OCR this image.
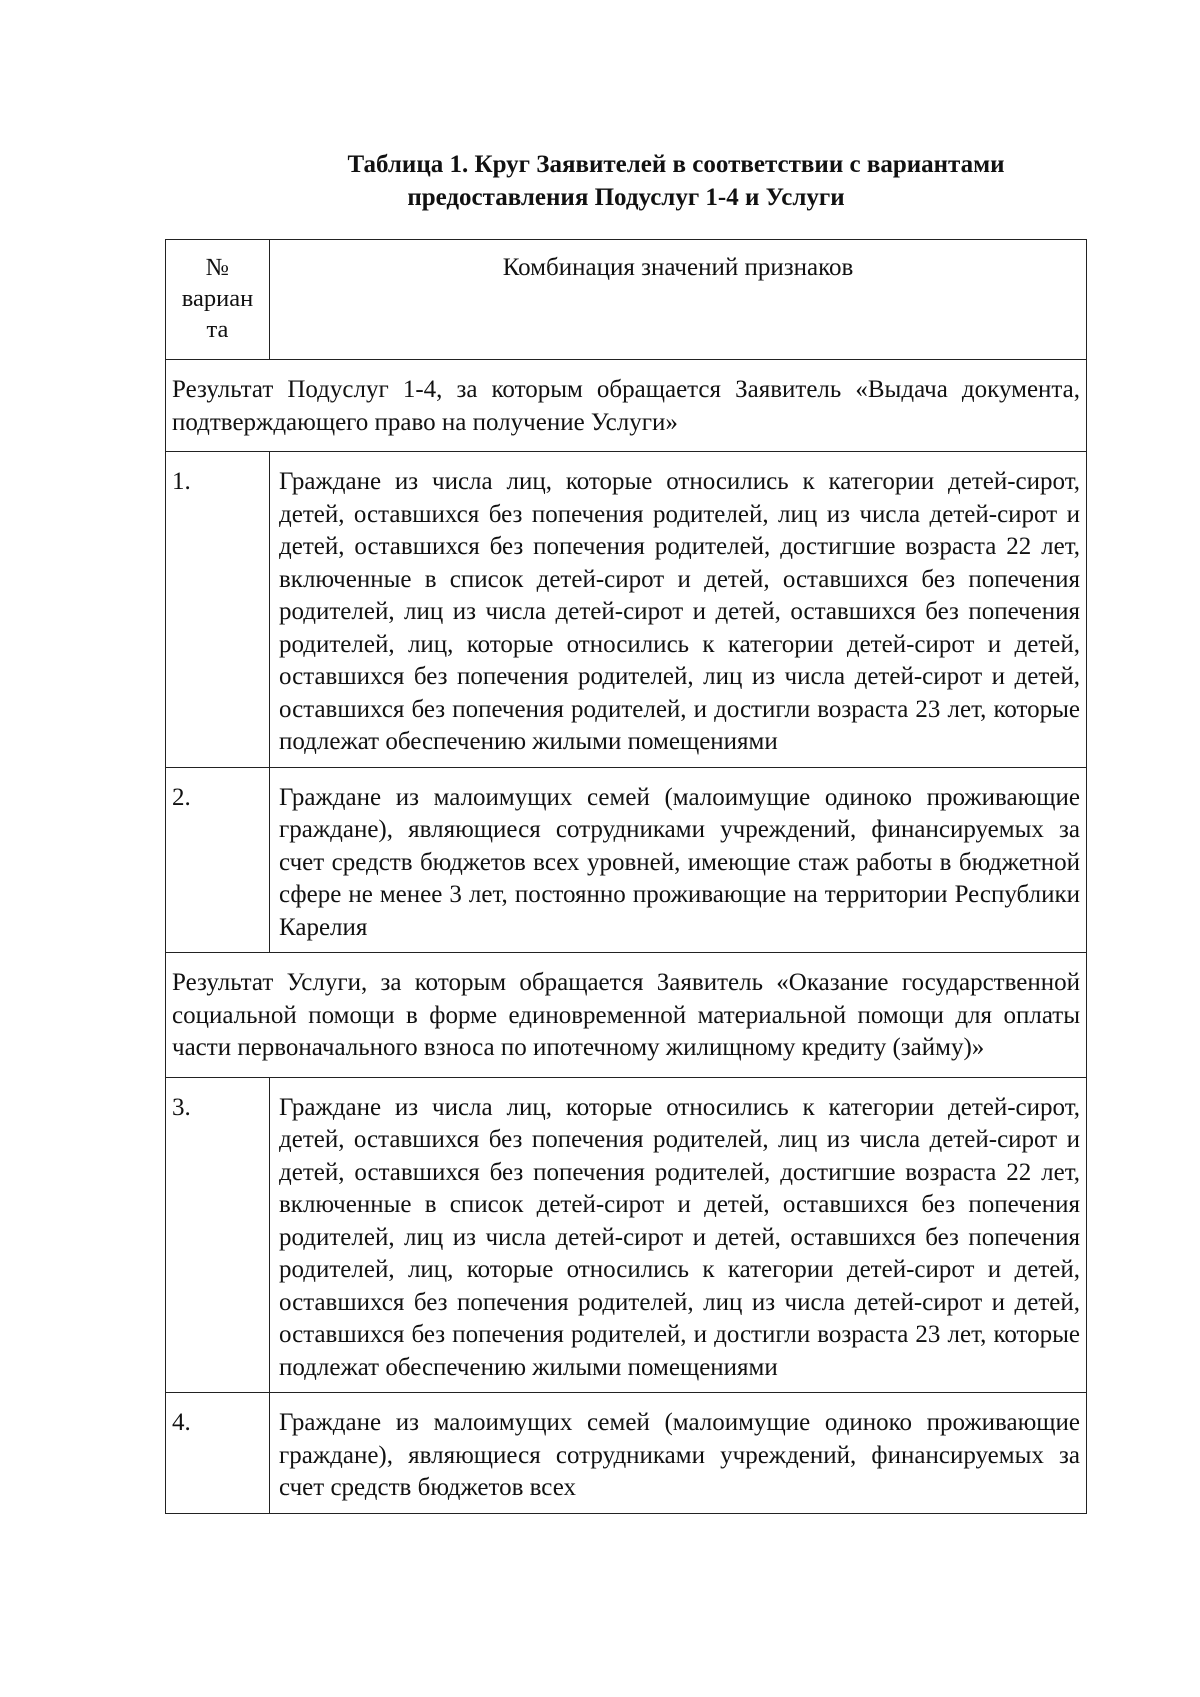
Таблица 1. Круг Заявителей в соответствии с вариантами
предоставления Подуслуг 1-4 и Услуги
№
вариан
та	Комбинация значений признаков
Результат Подуслуг 1-4, за которым обращается Заявитель «Выдача документа, подтверждающего право на получение Услуги»	
1.	Граждане из числа лиц, которые относились к категории детей-сирот, детей, оставшихся без попечения родителей, лиц из числа детей-сирот и детей, оставшихся без попечения родителей, достигшие возраста 22 лет, включенные в список детей-сирот и детей, оставшихся без попечения родителей, лиц из числа детей-сирот и детей, оставшихся без попечения родителей, лиц, которые относились к категории детей-сирот и детей, оставшихся без попечения родителей, лиц из числа детей-сирот и детей, оставшихся без попечения родителей, и достигли возраста 23 лет, которые подлежат обеспечению жилыми помещениями
2.	Граждане из малоимущих семей (малоимущие одиноко проживающие граждане), являющиеся сотрудниками учреждений, финансируемых за счет средств бюджетов всех уровней, имеющие стаж работы в бюджетной сфере не менее 3 лет, постоянно проживающие на территории Республики Карелия
Результат Услуги, за которым обращается Заявитель «Оказание государственной социальной помощи в форме единовременной материальной помощи для оплаты части первоначального взноса по ипотечному жилищному кредиту (займу)»	
3.	Граждане из числа лиц, которые относились к категории детей-сирот, детей, оставшихся без попечения родителей, лиц из числа детей-сирот и детей, оставшихся без попечения родителей, достигшие возраста 22 лет, включенные в список детей-сирот и детей, оставшихся без попечения родителей, лиц из числа детей-сирот и детей, оставшихся без попечения родителей, лиц, которые относились к категории детей-сирот и детей, оставшихся без попечения родителей, лиц из числа детей-сирот и детей, оставшихся без попечения родителей, и достигли возраста 23 лет, которые подлежат обеспечению жилыми помещениями
4.	Граждане из малоимущих семей (малоимущие одиноко проживающие граждане), являющиеся сотрудниками учреждений, финансируемых за счет средств бюджетов всех
